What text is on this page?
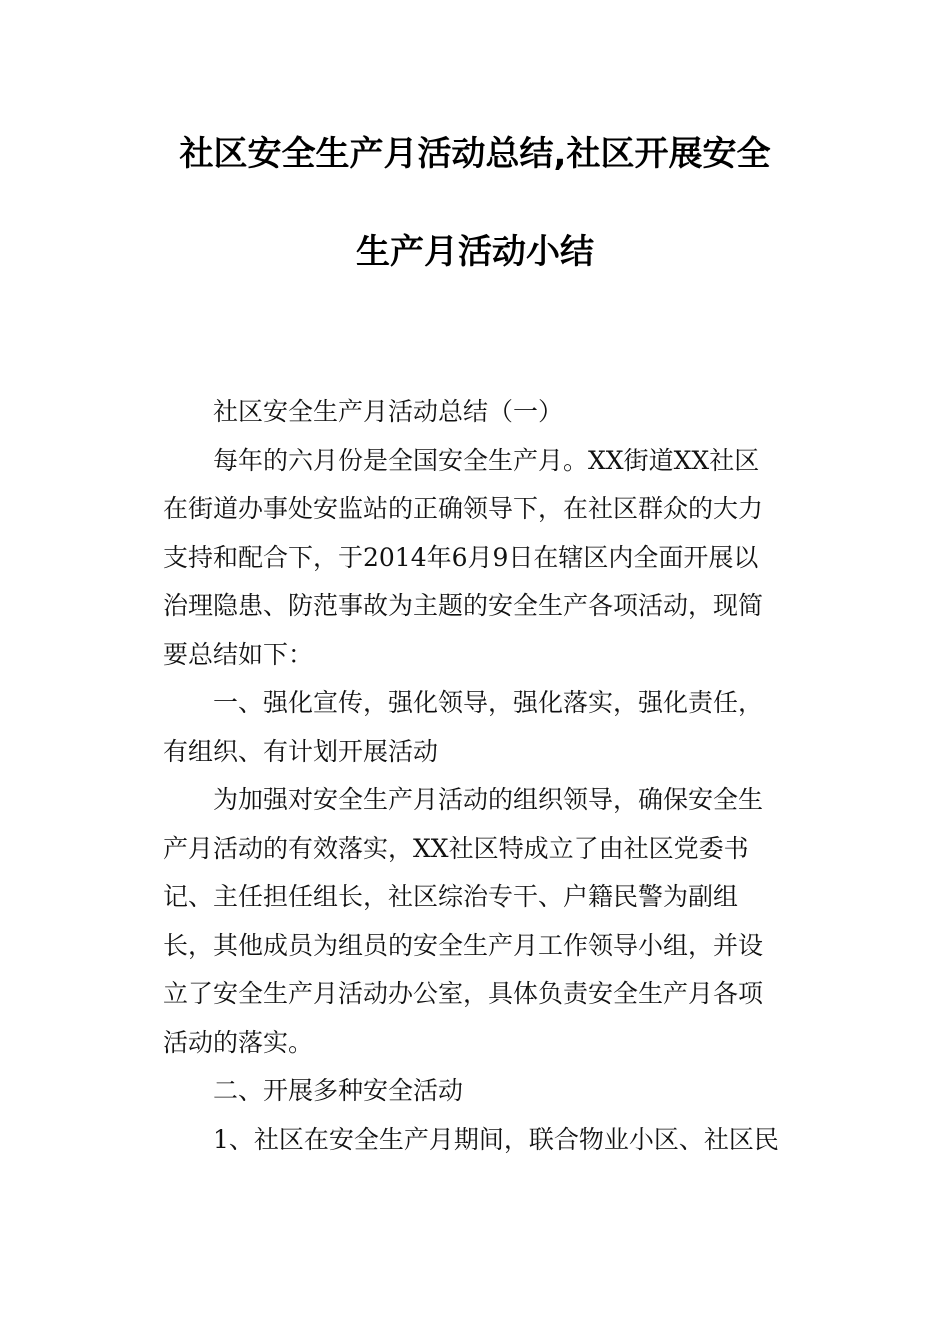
社区安全生产月活动总结,社区开展安全
生产月活动小结
社区安全生产月活动总结（一）
每年的六月份是全国安全生产月。XX街道XX社区
在街道办事处安监站的正确领导下，在社区群众的大力
支持和配合下，于2014年6月9日在辖区内全面开展以
治理隐患、防范事故为主题的安全生产各项活动，现简
要总结如下：
一、强化宣传，强化领导，强化落实，强化责任，
有组织、有计划开展活动
为加强对安全生产月活动的组织领导，确保安全生
产月活动的有效落实，XX社区特成立了由社区党委书
记、主任担任组长，社区综治专干、户籍民警为副组
长，其他成员为组员的安全生产月工作领导小组，并设
立了安全生产月活动办公室，具体负责安全生产月各项
活动的落实。
二、开展多种安全活动
1、社区在安全生产月期间，联合物业小区、社区民
